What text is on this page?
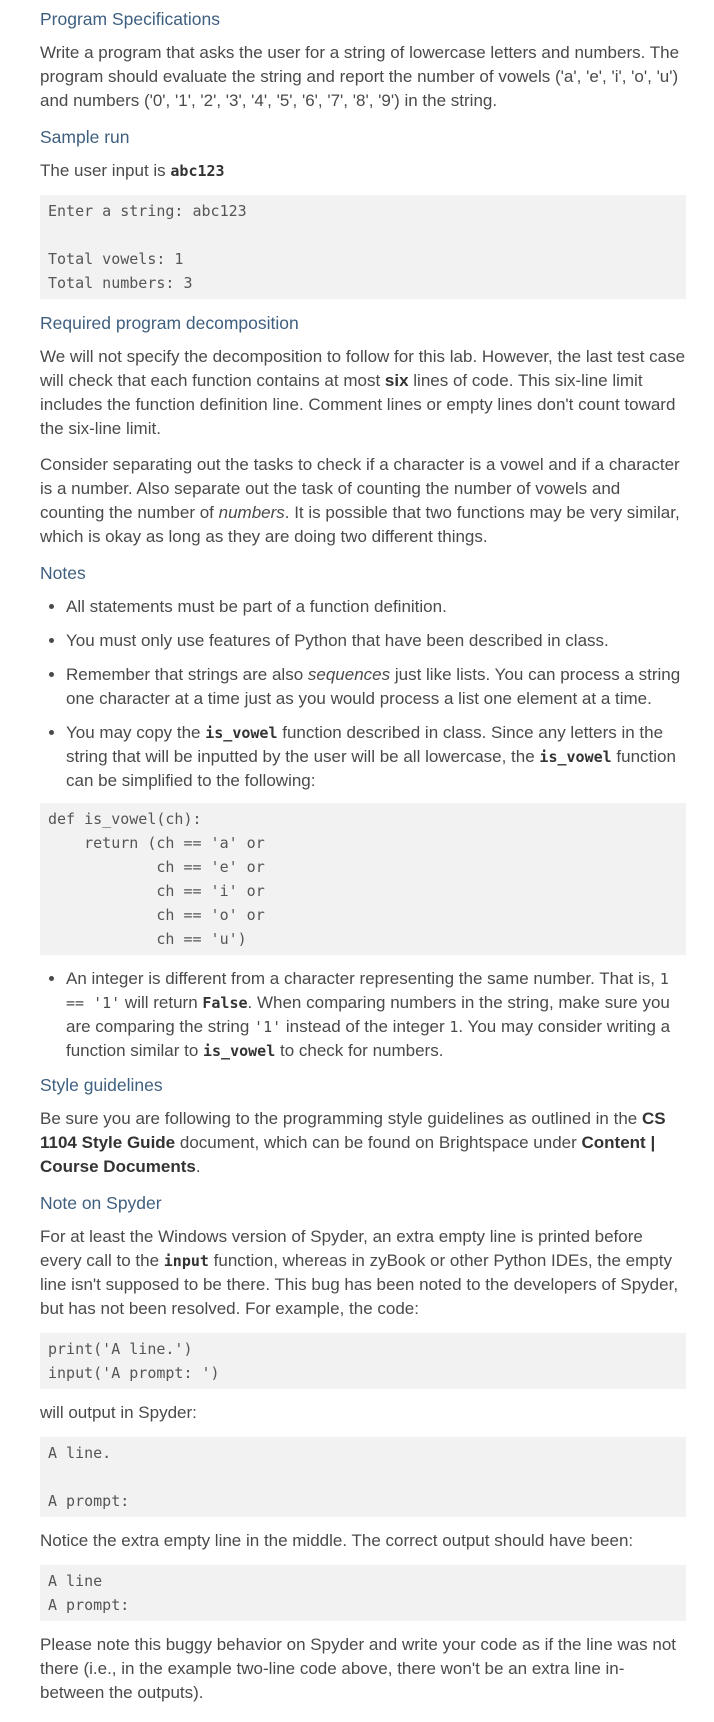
Program Specifications

Write a program that asks the user for a string of lowercase letters and numbers. The program should evaluate the string and report the number of vowels ('a', 'e', 'i', 'o', 'u') and numbers ('0', '1', '2', '3', '4', '5', '6', '7', '8', '9') in the string.

Sample run

The user input is abc123

Enter a string: abc123

Total vowels: 1
Total numbers: 3
Required program decomposition

We will not specify the decomposition to follow for this lab. However, the last test case will check that each function contains at most six lines of code. This six-line limit includes the function definition line. Comment lines or empty lines don't count toward the six-line limit.

Consider separating out the tasks to check if a character is a vowel and if a character is a number. Also separate out the task of counting the number of vowels and counting the number of numbers. It is possible that two functions may be very similar, which is okay as long as they are doing two different things.

Notes
• All statements must be part of a function definition.
• You must only use features of Python that have been described in class.
• Remember that strings are also sequences just like lists. You can process a string one character at a time just as you would process a list one element at a time.
• You may copy the is_vowel function described in class. Since any letters in the string that will be inputted by the user will be all lowercase, the is_vowel function can be simplified to the following:
def is_vowel(ch):
return (ch == 'a' or
ch == 'e' or
ch == 'i' or
ch == 'o' or
ch == 'u')
• An integer is different from a character representing the same number. That is, 1 == '1' will return False. When comparing numbers in the string, make sure you are comparing the string '1' instead of the integer 1. You may consider writing a function similar to is_vowel to check for numbers.
Style guidelines

Be sure you are following to the programming style guidelines as outlined in the CS 1104 Style Guide document, which can be found on Brightspace under Content | Course Documents.

Note on Spyder

For at least the Windows version of Spyder, an extra empty line is printed before every call to the input function, whereas in zyBook or other Python IDEs, the empty line isn't supposed to be there. This bug has been noted to the developers of Spyder, but has not been resolved. For example, the code:

print('A line.')
input('A prompt: ')

will output in Spyder:

A line.

A prompt:

Notice the extra empty line in the middle. The correct output should have been:

A line
A prompt:

Please note this buggy behavior on Spyder and write your code as if the line was not there (i.e., in the example two-line code above, there won't be an extra line in-between the outputs).
